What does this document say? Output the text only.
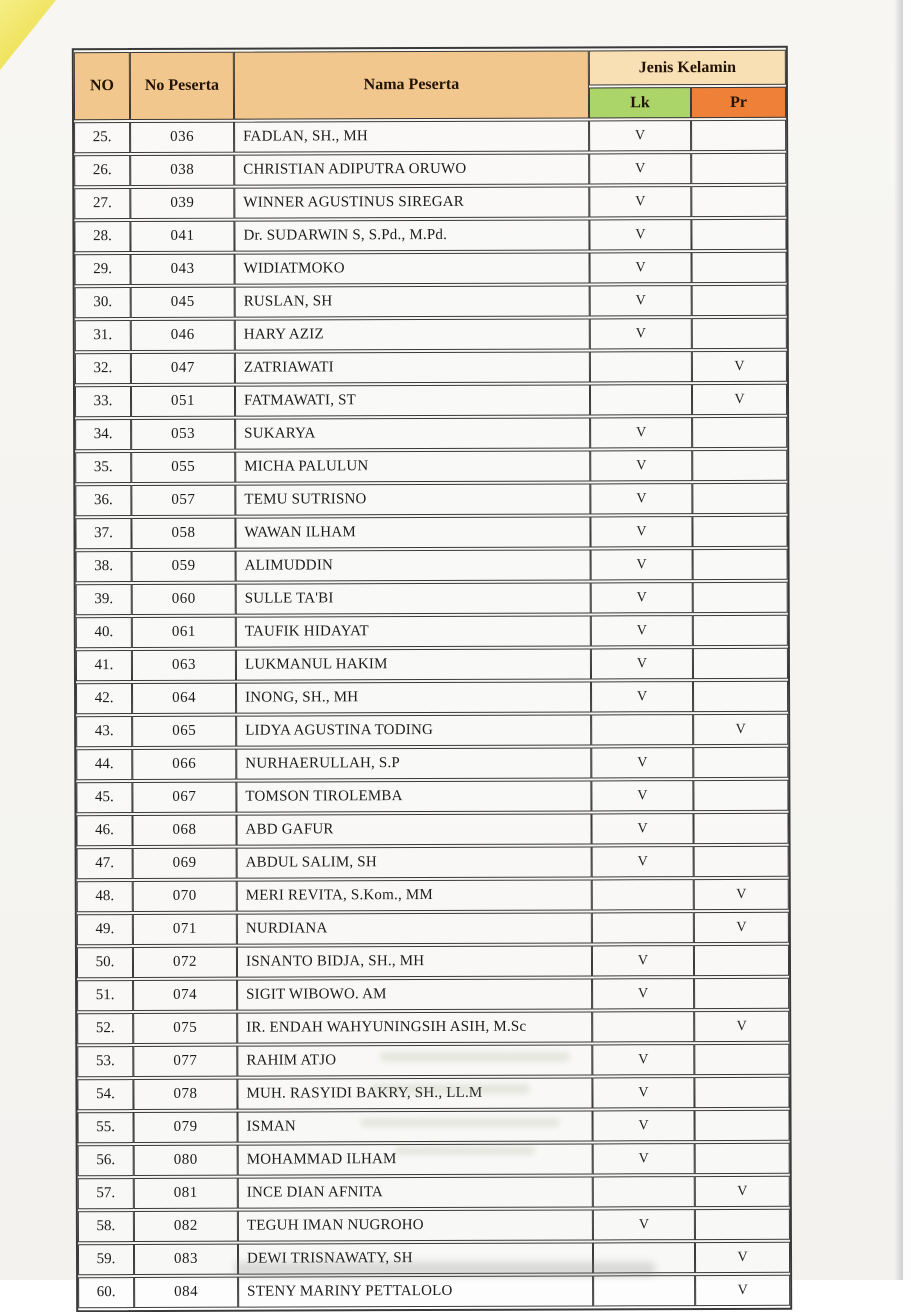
NO	No Peserta	Nama Peserta	Jenis Kelamin	
			Lk	Pr
25.	036	FADLAN, SH., MH	V	
26.	038	CHRISTIAN ADIPUTRA ORUWO	V	
27.	039	WINNER AGUSTINUS SIREGAR	V	
28.	041	Dr. SUDARWIN S, S.Pd., M.Pd.	V	
29.	043	WIDIATMOKO	V	
30.	045	RUSLAN, SH	V	
31.	046	HARY AZIZ	V	
32.	047	ZATRIAWATI		V
33.	051	FATMAWATI, ST		V
34.	053	SUKARYA	V	
35.	055	MICHA PALULUN	V	
36.	057	TEMU SUTRISNO	V	
37.	058	WAWAN ILHAM	V	
38.	059	ALIMUDDIN	V	
39.	060	SULLE TA'BI	V	
40.	061	TAUFIK HIDAYAT	V	
41.	063	LUKMANUL HAKIM	V	
42.	064	INONG, SH., MH	V	
43.	065	LIDYA AGUSTINA TODING		V
44.	066	NURHAERULLAH, S.P	V	
45.	067	TOMSON TIROLEMBA	V	
46.	068	ABD GAFUR	V	
47.	069	ABDUL SALIM, SH	V	
48.	070	MERI REVITA, S.Kom., MM		V
49.	071	NURDIANA		V
50.	072	ISNANTO BIDJA, SH., MH	V	
51.	074	SIGIT WIBOWO. AM	V	
52.	075	IR. ENDAH WAHYUNINGSIH ASIH, M.Sc		V
53.	077	RAHIM ATJO	V	
54.	078	MUH. RASYIDI BAKRY, SH., LL.M	V	
55.	079	ISMAN	V	
56.	080	MOHAMMAD ILHAM	V	
57.	081	INCE DIAN AFNITA		V
58.	082	TEGUH IMAN NUGROHO	V	
59.	083	DEWI TRISNAWATY, SH		V
60.	084	STENY MARINY PETTALOLO		V
